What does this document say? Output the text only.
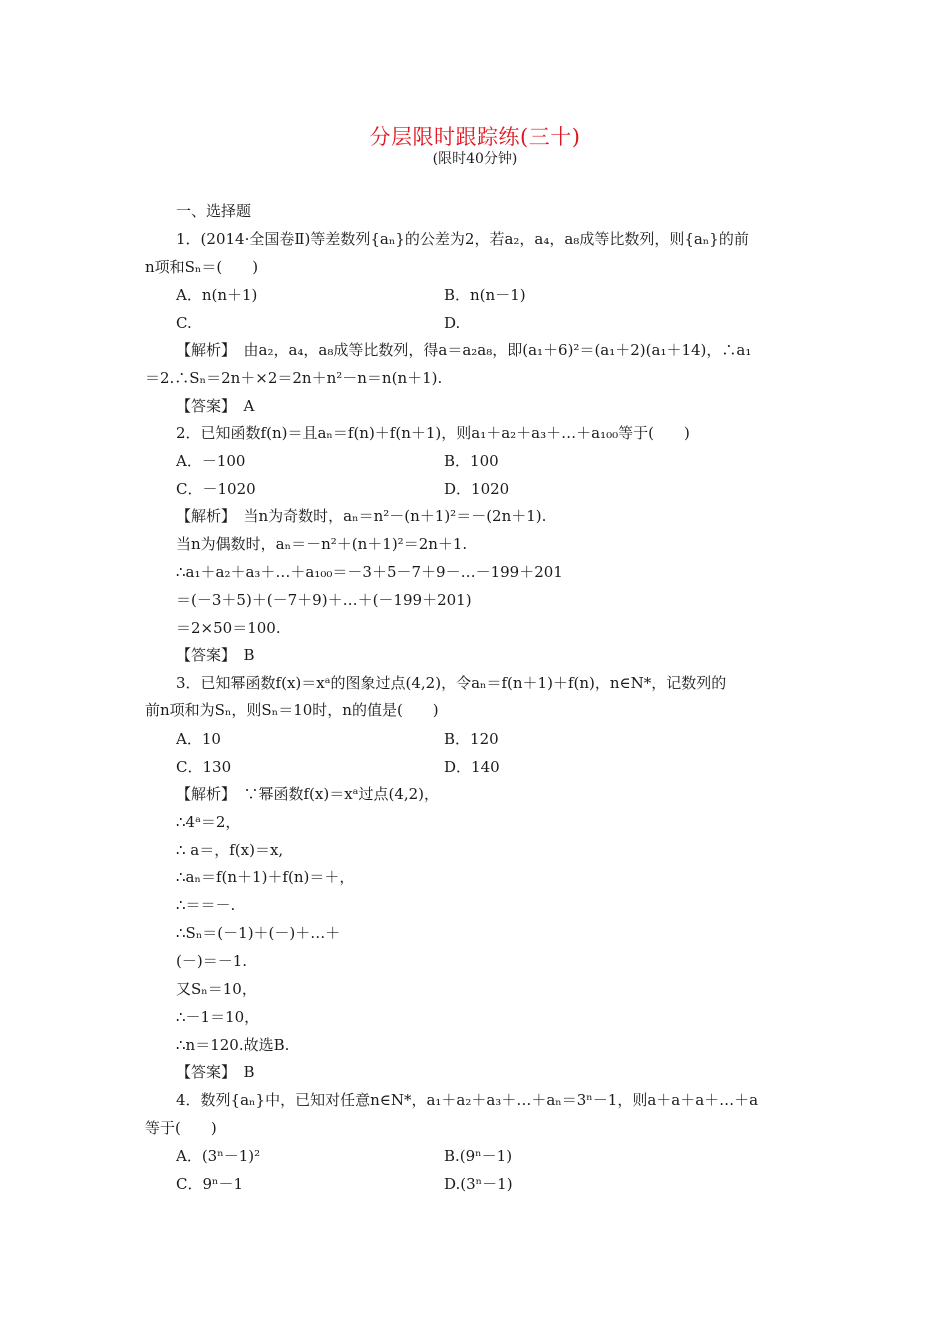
分层限时跟踪练(三十)
(限时40分钟)
一、选择题
1．(2014·全国卷Ⅱ)等差数列{aₙ}的公差为2，若a₂，a₄，a₈成等比数列，则{aₙ}的前
n项和Sₙ＝(　　)
A．n(n＋1)	B．n(n－1)
C.	D.
【解析】　由a₂，a₄，a₈成等比数列，得a＝a₂a₈，即(a₁＋6)²＝(a₁＋2)(a₁＋14)，∴a₁
＝2.∴Sₙ＝2n＋×2＝2n＋n²－n＝n(n＋1).
【答案】　A
2．已知函数f(n)＝且aₙ＝f(n)＋f(n＋1)，则a₁＋a₂＋a₃＋…＋a₁₀₀等于(　　)
A．－100	B．100
C．－1020	D．1020
【解析】　当n为奇数时，aₙ＝n²－(n＋1)²＝－(2n＋1).
当n为偶数时，aₙ＝－n²＋(n＋1)²＝2n＋1.
∴a₁＋a₂＋a₃＋…＋a₁₀₀＝－3＋5－7＋9－…－199＋201
＝(－3＋5)＋(－7＋9)＋…＋(－199＋201)
＝2×50＝100.
【答案】　B
3．已知幂函数f(x)＝xᵃ的图象过点(4,2)，令aₙ＝f(n＋1)＋f(n)，n∈N*，记数列的
前n项和为Sₙ，则Sₙ＝10时，n的值是(　　)
A．10	B．120
C．130	D．140
【解析】　∵幂函数f(x)＝xᵃ过点(4,2)，
∴4ᵃ＝2，
∴ a＝，f(x)＝x,
∴aₙ＝f(n＋1)＋f(n)＝＋，
∴＝＝－.
∴Sₙ＝(－1)＋(－)＋…＋
(－)＝－1.
又Sₙ＝10，
∴－1＝10，
∴n＝120.故选B.
【答案】　B
4．数列{aₙ}中，已知对任意n∈N*，a₁＋a₂＋a₃＋…＋aₙ＝3ⁿ－1，则a＋a＋a＋…＋a
等于(　　)
A．(3ⁿ－1)²	B.(9ⁿ－1)
C．9ⁿ－1	D.(3ⁿ－1)
